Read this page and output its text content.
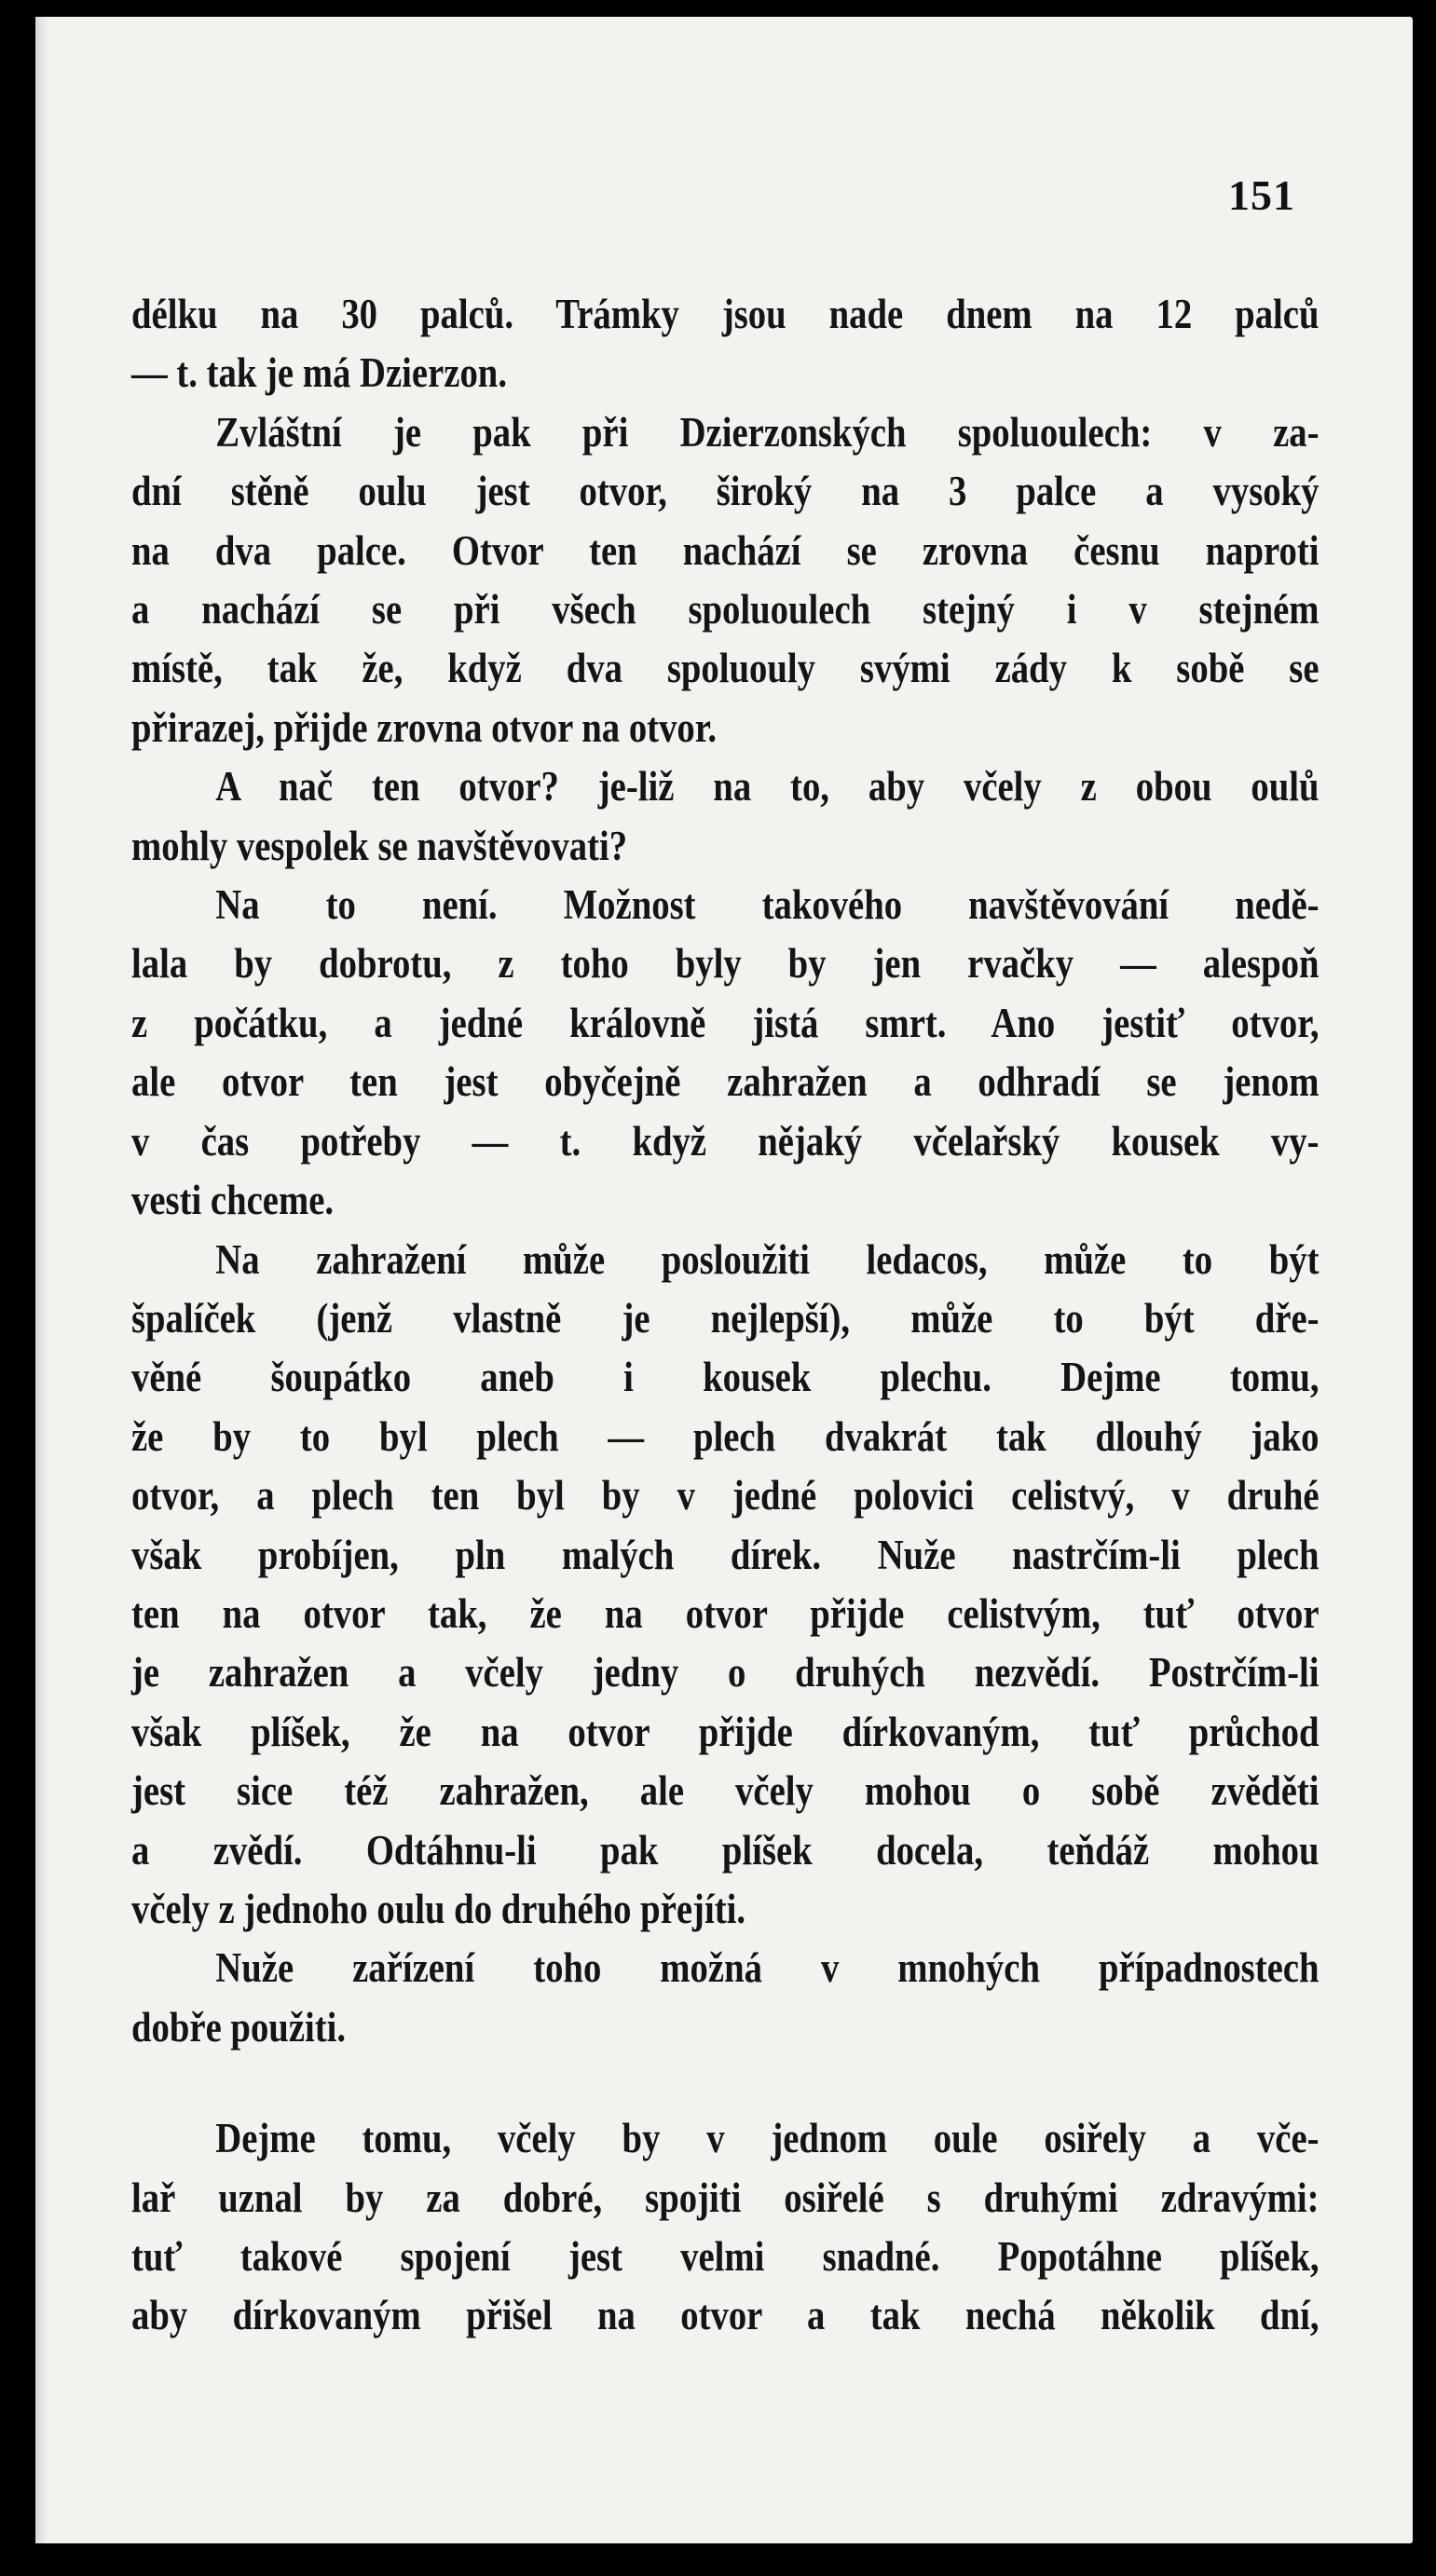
151

délku na 30 palců. Trámky jsou nade dnem na 12 palců

— t. tak je má Dzierzon.

Zvláštní je pak při Dzierzonských spoluoulech: v za-

dní stěně oulu jest otvor, široký na 3 palce a vysoký

na dva palce. Otvor ten nachází se zrovna česnu naproti

a nachází se při všech spoluoulech stejný i v stejném

místě, tak že, když dva spoluouly svými zády k sobě se

přirazej, přijde zrovna otvor na otvor.

A nač ten otvor? je-liž na to, aby včely z obou oulů

mohly vespolek se navštěvovati?

Na to není. Možnost takového navštěvování nedě-

lala by dobrotu, z toho byly by jen rvačky — alespoň

z počátku, a jedné královně jistá smrt. Ano jestiť otvor,

ale otvor ten jest obyčejně zahražen a odhradí se jenom

v čas potřeby — t. když nějaký včelařský kousek vy-

vesti chceme.

Na zahražení může posloužiti ledacos, může to být

špalíček (jenž vlastně je nejlepší), může to být dře-

věné šoupátko aneb i kousek plechu. Dejme tomu,

že by to byl plech — plech dvakrát tak dlouhý jako

otvor, a plech ten byl by v jedné polovici celistvý, v druhé

však probíjen, pln malých dírek. Nuže nastrčím-li plech

ten na otvor tak, že na otvor přijde celistvým, tuť otvor

je zahražen a včely jedny o druhých nezvědí. Postrčím-li

však plíšek, že na otvor přijde dírkovaným, tuť průchod

jest sice též zahražen, ale včely mohou o sobě zvěděti

a zvědí. Odtáhnu-li pak plíšek docela, teňdáž mohou

včely z jednoho oulu do druhého přejíti.

Nuže zařízení toho možná v mnohých případnostech

dobře použiti.

Dejme tomu, včely by v jednom oule osiřely a vče-

lař uznal by za dobré, spojiti osiřelé s druhými zdravými:

tuť takové spojení jest velmi snadné. Popotáhne plíšek,

aby dírkovaným přišel na otvor a tak nechá několik dní,
